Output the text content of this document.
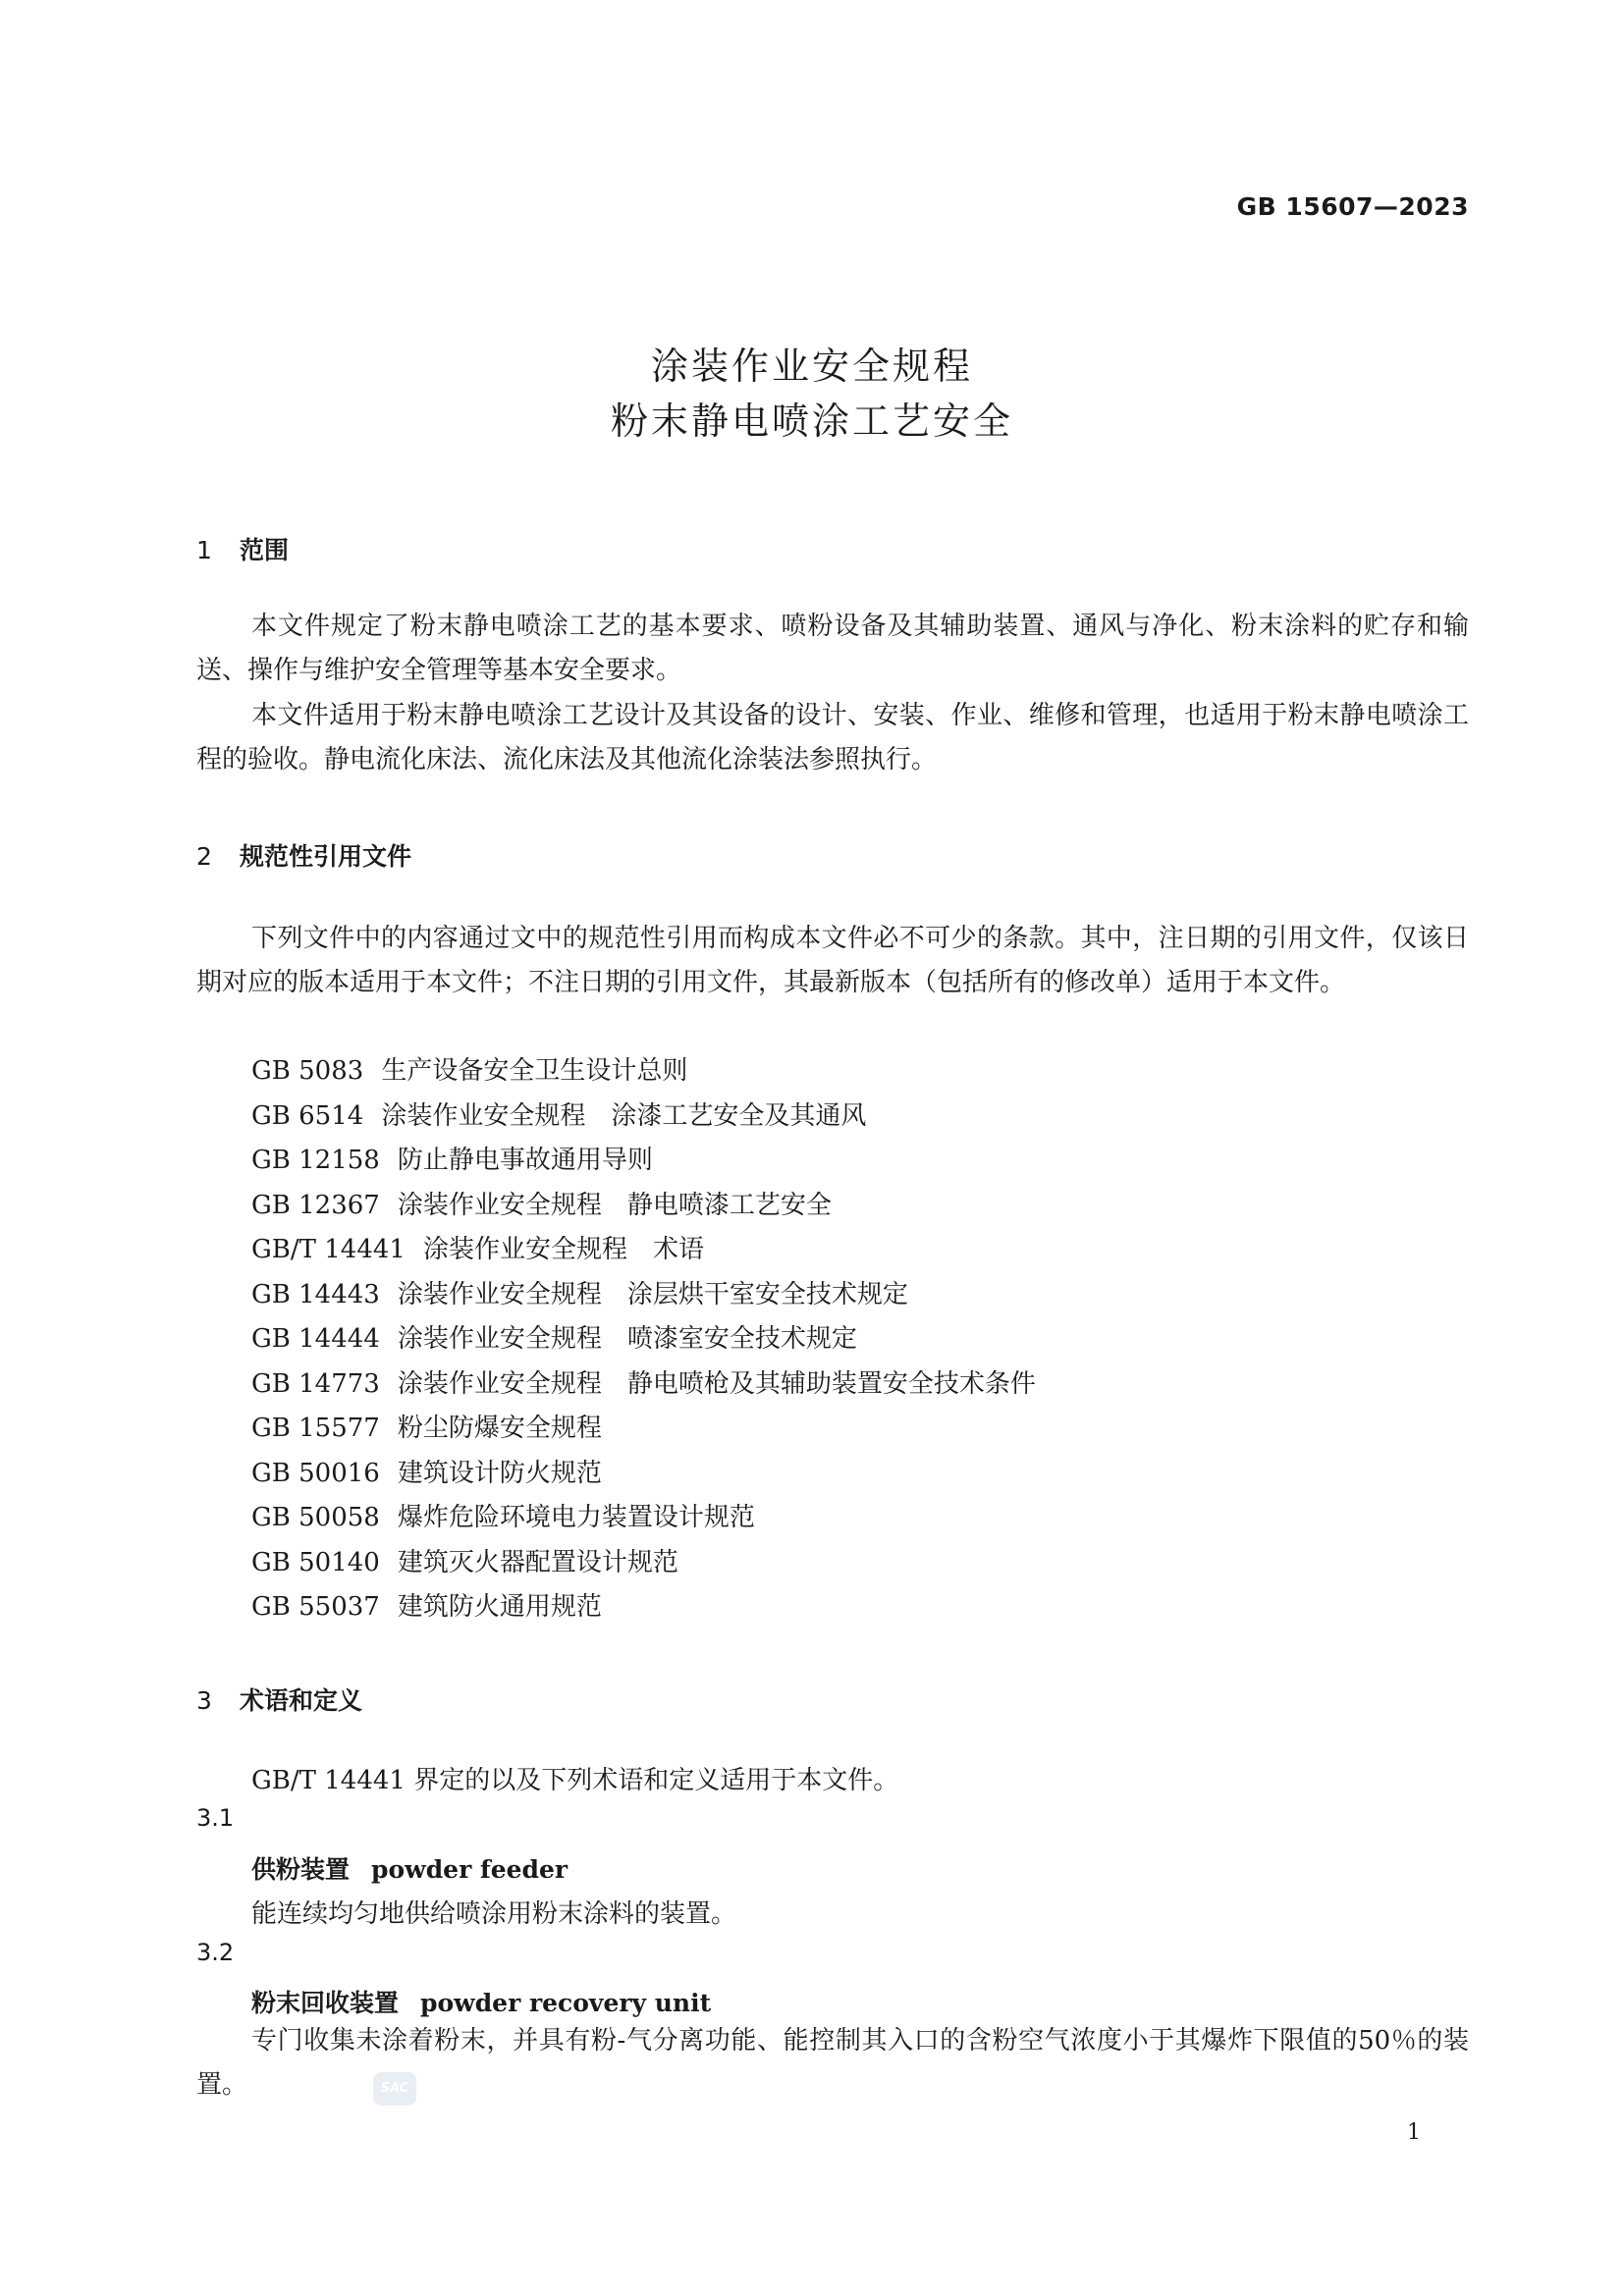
GB 15607—2023
涂装作业安全规程
粉末静电喷涂工艺安全
1 范围

本文件规定了粉末静电喷涂工艺的基本要求、喷粉设备及其辅助装置、通风与净化、粉末涂料的贮存和输送、操作与维护安全管理等基本安全要求。

本文件适用于粉末静电喷涂工艺设计及其设备的设计、安装、作业、维修和管理，也适用于粉末静电喷涂工程的验收。静电流化床法、流化床法及其他流化涂装法参照执行。

2 规范性引用文件

下列文件中的内容通过文中的规范性引用而构成本文件必不可少的条款。其中，注日期的引用文件，仅该日期对应的版本适用于本文件；不注日期的引用文件，其最新版本（包括所有的修改单）适用于本文件。

GB 5083 生产设备安全卫生设计总则
GB 6514 涂装作业安全规程　涂漆工艺安全及其通风
GB 12158 防止静电事故通用导则
GB 12367 涂装作业安全规程　静电喷漆工艺安全
GB/T 14441 涂装作业安全规程　术语
GB 14443 涂装作业安全规程　涂层烘干室安全技术规定
GB 14444 涂装作业安全规程　喷漆室安全技术规定
GB 14773 涂装作业安全规程　静电喷枪及其辅助装置安全技术条件
GB 15577 粉尘防爆安全规程
GB 50016 建筑设计防火规范
GB 50058 爆炸危险环境电力装置设计规范
GB 50140 建筑灭火器配置设计规范
GB 55037 建筑防火通用规范
3 术语和定义
GB/T 14441 界定的以及下列术语和定义适用于本文件。
3.1
供粉装置 powder feeder
能连续均匀地供给喷涂用粉末涂料的装置。
3.2
粉末回收装置 powder recovery unit

专门收集未涂着粉末，并具有粉-气分离功能、能控制其入口的含粉空气浓度小于其爆炸下限值的50％的装置。	SAC
1
